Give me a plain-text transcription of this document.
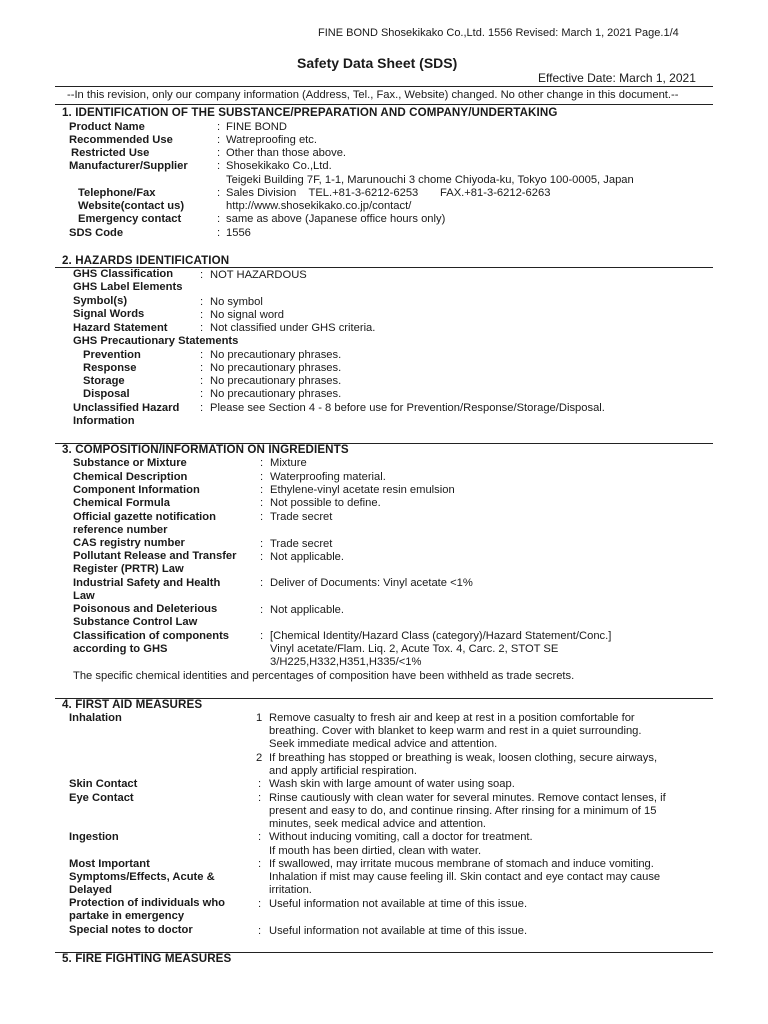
FINE BOND Shosekikako Co.,Ltd. 1556 Revised: March 1, 2021 Page.1/4
Safety Data Sheet (SDS)
Effective Date: March 1, 2021
--In this revision, only our company information (Address, Tel., Fax., Website) changed. No other change in this document.--
1. IDENTIFICATION OF THE SUBSTANCE/PREPARATION AND COMPANY/UNDERTAKING
Product Name	: FINE BOND
Recommended Use	: Watreproofing etc.
Restricted Use	: Other than those above.
Manufacturer/Supplier	: Shosekikako Co.,Ltd.
Teigeki Building 7F, 1-1, Marunouchi 3 chome Chiyoda-ku, Tokyo 100-0005, Japan
Telephone/Fax	: Sales Division    TEL.+81-3-6212-6253       FAX.+81-3-6212-6263
Website(contact us)	http://www.shosekikako.co.jp/contact/
Emergency contact	: same as above (Japanese office hours only)
SDS Code	: 1556
2. HAZARDS IDENTIFICATION
GHS Classification : NOT HAZARDOUS
GHS Label Elements
Symbol(s)	: No symbol
Signal Words	: No signal word
Hazard Statement	: Not classified under GHS criteria.
GHS Precautionary Statements
Prevention	: No precautionary phrases.
Response	: No precautionary phrases.
Storage	: No precautionary phrases.
Disposal	: No precautionary phrases.
Unclassified Hazard : Please see Section 4 - 8 before use for Prevention/Response/Storage/Disposal.
Information
3. COMPOSITION/INFORMATION ON INGREDIENTS
Substance or Mixture	: Mixture
Chemical Description	: Waterproofing material.
Component Information	: Ethylene-vinyl acetate resin emulsion
Chemical Formula	: Not possible to define.
Official gazette notification	: Trade secret
reference number
CAS registry number	: Trade secret
Pollutant Release and Transfer : Not applicable.
Register (PRTR) Law
Industrial Safety and Health	: Deliver of Documents: Vinyl acetate <1%
Law
Poisonous and Deleterious	: Not applicable.
Substance Control Law
Classification of components	: [Chemical Identity/Hazard Class (category)/Hazard Statement/Conc.]
according to GHS	Vinyl acetate/Flam. Liq. 2, Acute Tox. 4, Carc. 2, STOT SE
3/H225,H332,H351,H335/<1%
The specific chemical identities and percentages of composition have been withheld as trade secrets.
4. FIRST AID MEASURES
Inhalation	1 Remove casualty to fresh air and keep at rest in a position comfortable for
breathing. Cover with blanket to keep warm and rest in a quiet surrounding.
Seek immediate medical advice and attention.
2 If breathing has stopped or breathing is weak, loosen clothing, secure airways,
and apply artificial respiration.
Skin Contact	: Wash skin with large amount of water using soap.
Eye Contact	: Rinse cautiously with clean water for several minutes. Remove contact lenses, if
present and easy to do, and continue rinsing. After rinsing for a minimum of 15
minutes, seek medical advice and attention.
Ingestion	: Without inducing vomiting, call a doctor for treatment.
If mouth has been dirtied, clean with water.
Most Important	: If swallowed, may irritate mucous membrane of stomach and induce vomiting.
Symptoms/Effects, Acute &	Inhalation if mist may cause feeling ill. Skin contact and eye contact may cause
Delayed	irritation.
Protection of individuals who	: Useful information not available at time of this issue.
partake in emergency
Special notes to doctor	: Useful information not available at time of this issue.
5. FIRE FIGHTING MEASURES
